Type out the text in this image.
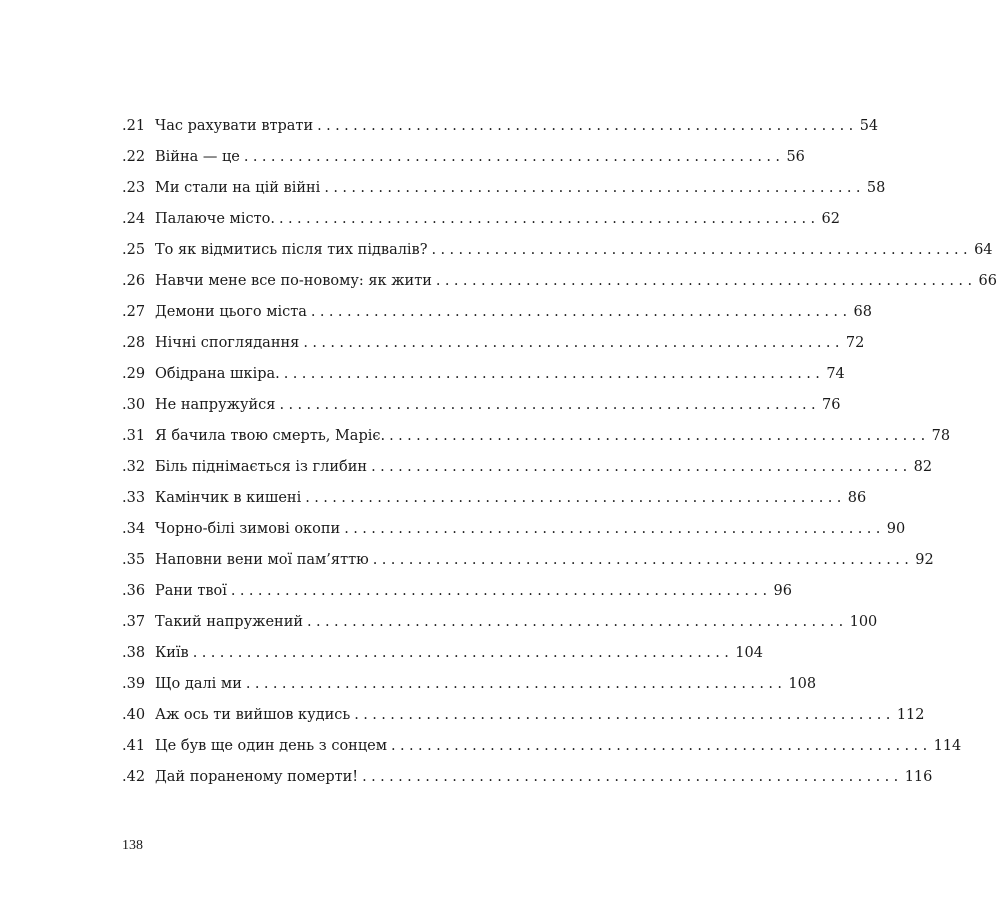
.21 Час рахувати втрати ............................................................ 54
.22 Війна — це ............................................................ 56
.23 Ми стали на цій війні ............................................................ 58
.24 Палаюче місто. ............................................................ 62
.25 То як відмитись після тих підвалів? ............................................................ 64
.26 Навчи мене все по-новому: як жити ............................................................ 66
.27 Демони цього міста ............................................................ 68
.28 Нічні споглядання ............................................................ 72
.29 Обідрана шкіра. ............................................................ 74
.30 Не напружуйся ............................................................ 76
.31 Я бачила твою смерть, Маріє. ............................................................ 78
.32 Біль піднімається із глибин ............................................................ 82
.33 Камінчик в кишені ............................................................ 86
.34 Чорно-білі зимові окопи ............................................................ 90
.35 Наповни вени мої пам’яттю ............................................................ 92
.36 Рани твої ............................................................ 96
.37 Такий напружений ............................................................ 100
.38 Київ ............................................................ 104
.39 Що далі ми ............................................................ 108
.40 Аж ось ти вийшов кудись ............................................................ 112
.41 Це був ще один день з сонцем ............................................................ 114
.42 Дай пораненому померти! ............................................................ 116
138
